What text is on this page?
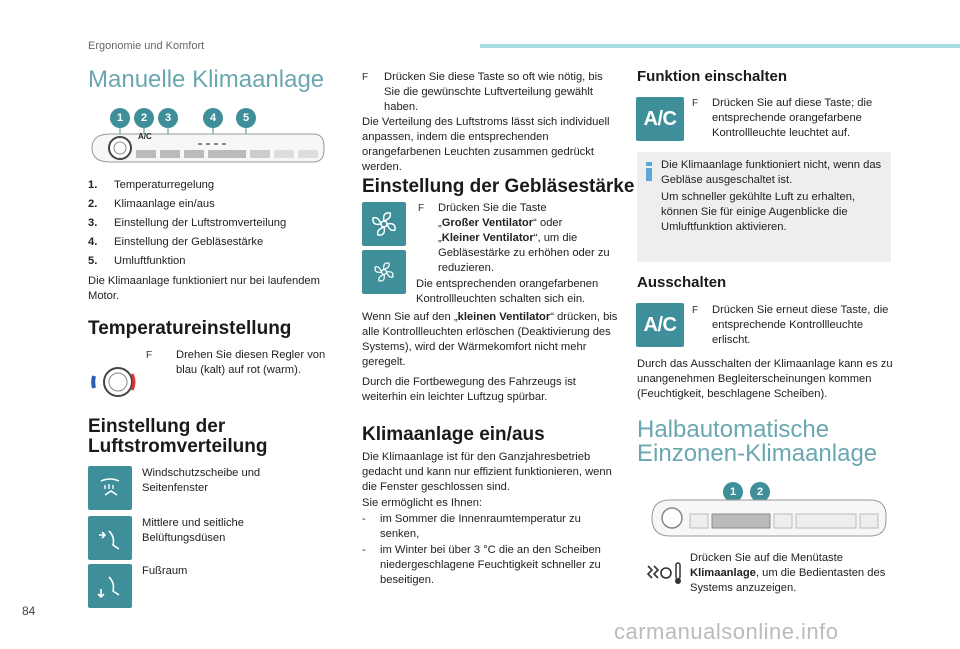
Ergonomie und Komfort
Manuelle Klimaanlage
1	2	3	4	5
A/C
1.	Temperaturregelung
2.	Klimaanlage ein/aus
3.	Einstellung der Luftstromverteilung
4.	Einstellung der Gebläsestärke
5.	Umluftfunktion
Die Klimaanlage funktioniert nur bei laufendem Motor.
Temperatureinstellung
F Drehen Sie diesen Regler von blau (kalt) auf rot (warm).
Einstellung der
Luftstromverteilung
Windschutzscheibe und Seitenfenster
Mittlere und seitliche Belüftungsdüsen
Fußraum
F Drücken Sie diese Taste so oft wie nötig, bis Sie die gewünschte Luftverteilung gewählt haben.
Die Verteilung des Luftstroms lässt sich individuell anpassen, indem die entsprechenden orangefarbenen Leuchten zusammen gedrückt werden.
Einstellung der Gebläsestärke
F Drücken Sie die Taste
„Großer Ventilator“ oder
„Kleiner Ventilator“, um die Gebläsestärke zu erhöhen oder zu reduzieren.
Die entsprechenden orangefarbenen Kontrollleuchten schalten sich ein.
Wenn Sie auf den „kleinen Ventilator“ drücken, bis alle Kontrollleuchten erlöschen (Deaktivierung des Systems), wird der Wärmekomfort nicht mehr geregelt.
Durch die Fortbewegung des Fahrzeugs ist weiterhin ein leichter Luftzug spürbar.
Klimaanlage ein/aus
Die Klimaanlage ist für den Ganzjahresbetrieb gedacht und kann nur effizient funktionieren, wenn die Fenster geschlossen sind.
Sie ermöglicht es Ihnen:
-	im Sommer die Innenraumtemperatur zu senken,
-	im Winter bei über 3 °C die an den Scheiben niedergeschlagene Feuchtigkeit schneller zu beseitigen.
Funktion einschalten
A/C
F Drücken Sie auf diese Taste; die entsprechende orangefarbene Kontrollleuchte leuchtet auf.
Die Klimaanlage funktioniert nicht, wenn das Gebläse ausgeschaltet ist.
Um schneller gekühlte Luft zu erhalten, können Sie für einige Augenblicke die Umluftfunktion aktivieren.
Ausschalten
A/C
F Drücken Sie erneut diese Taste, die entsprechende Kontrollleuchte erlischt.
Durch das Ausschalten der Klimaanlage kann es zu unangenehmen Begleiterscheinungen kommen (Feuchtigkeit, beschlagene Scheiben).
Halbautomatische
Einzonen-Klimaanlage
1	2
Drücken Sie auf die Menütaste Klimaanlage, um die Bedientasten des Systems anzuzeigen.
84
carmanualsonline.info
